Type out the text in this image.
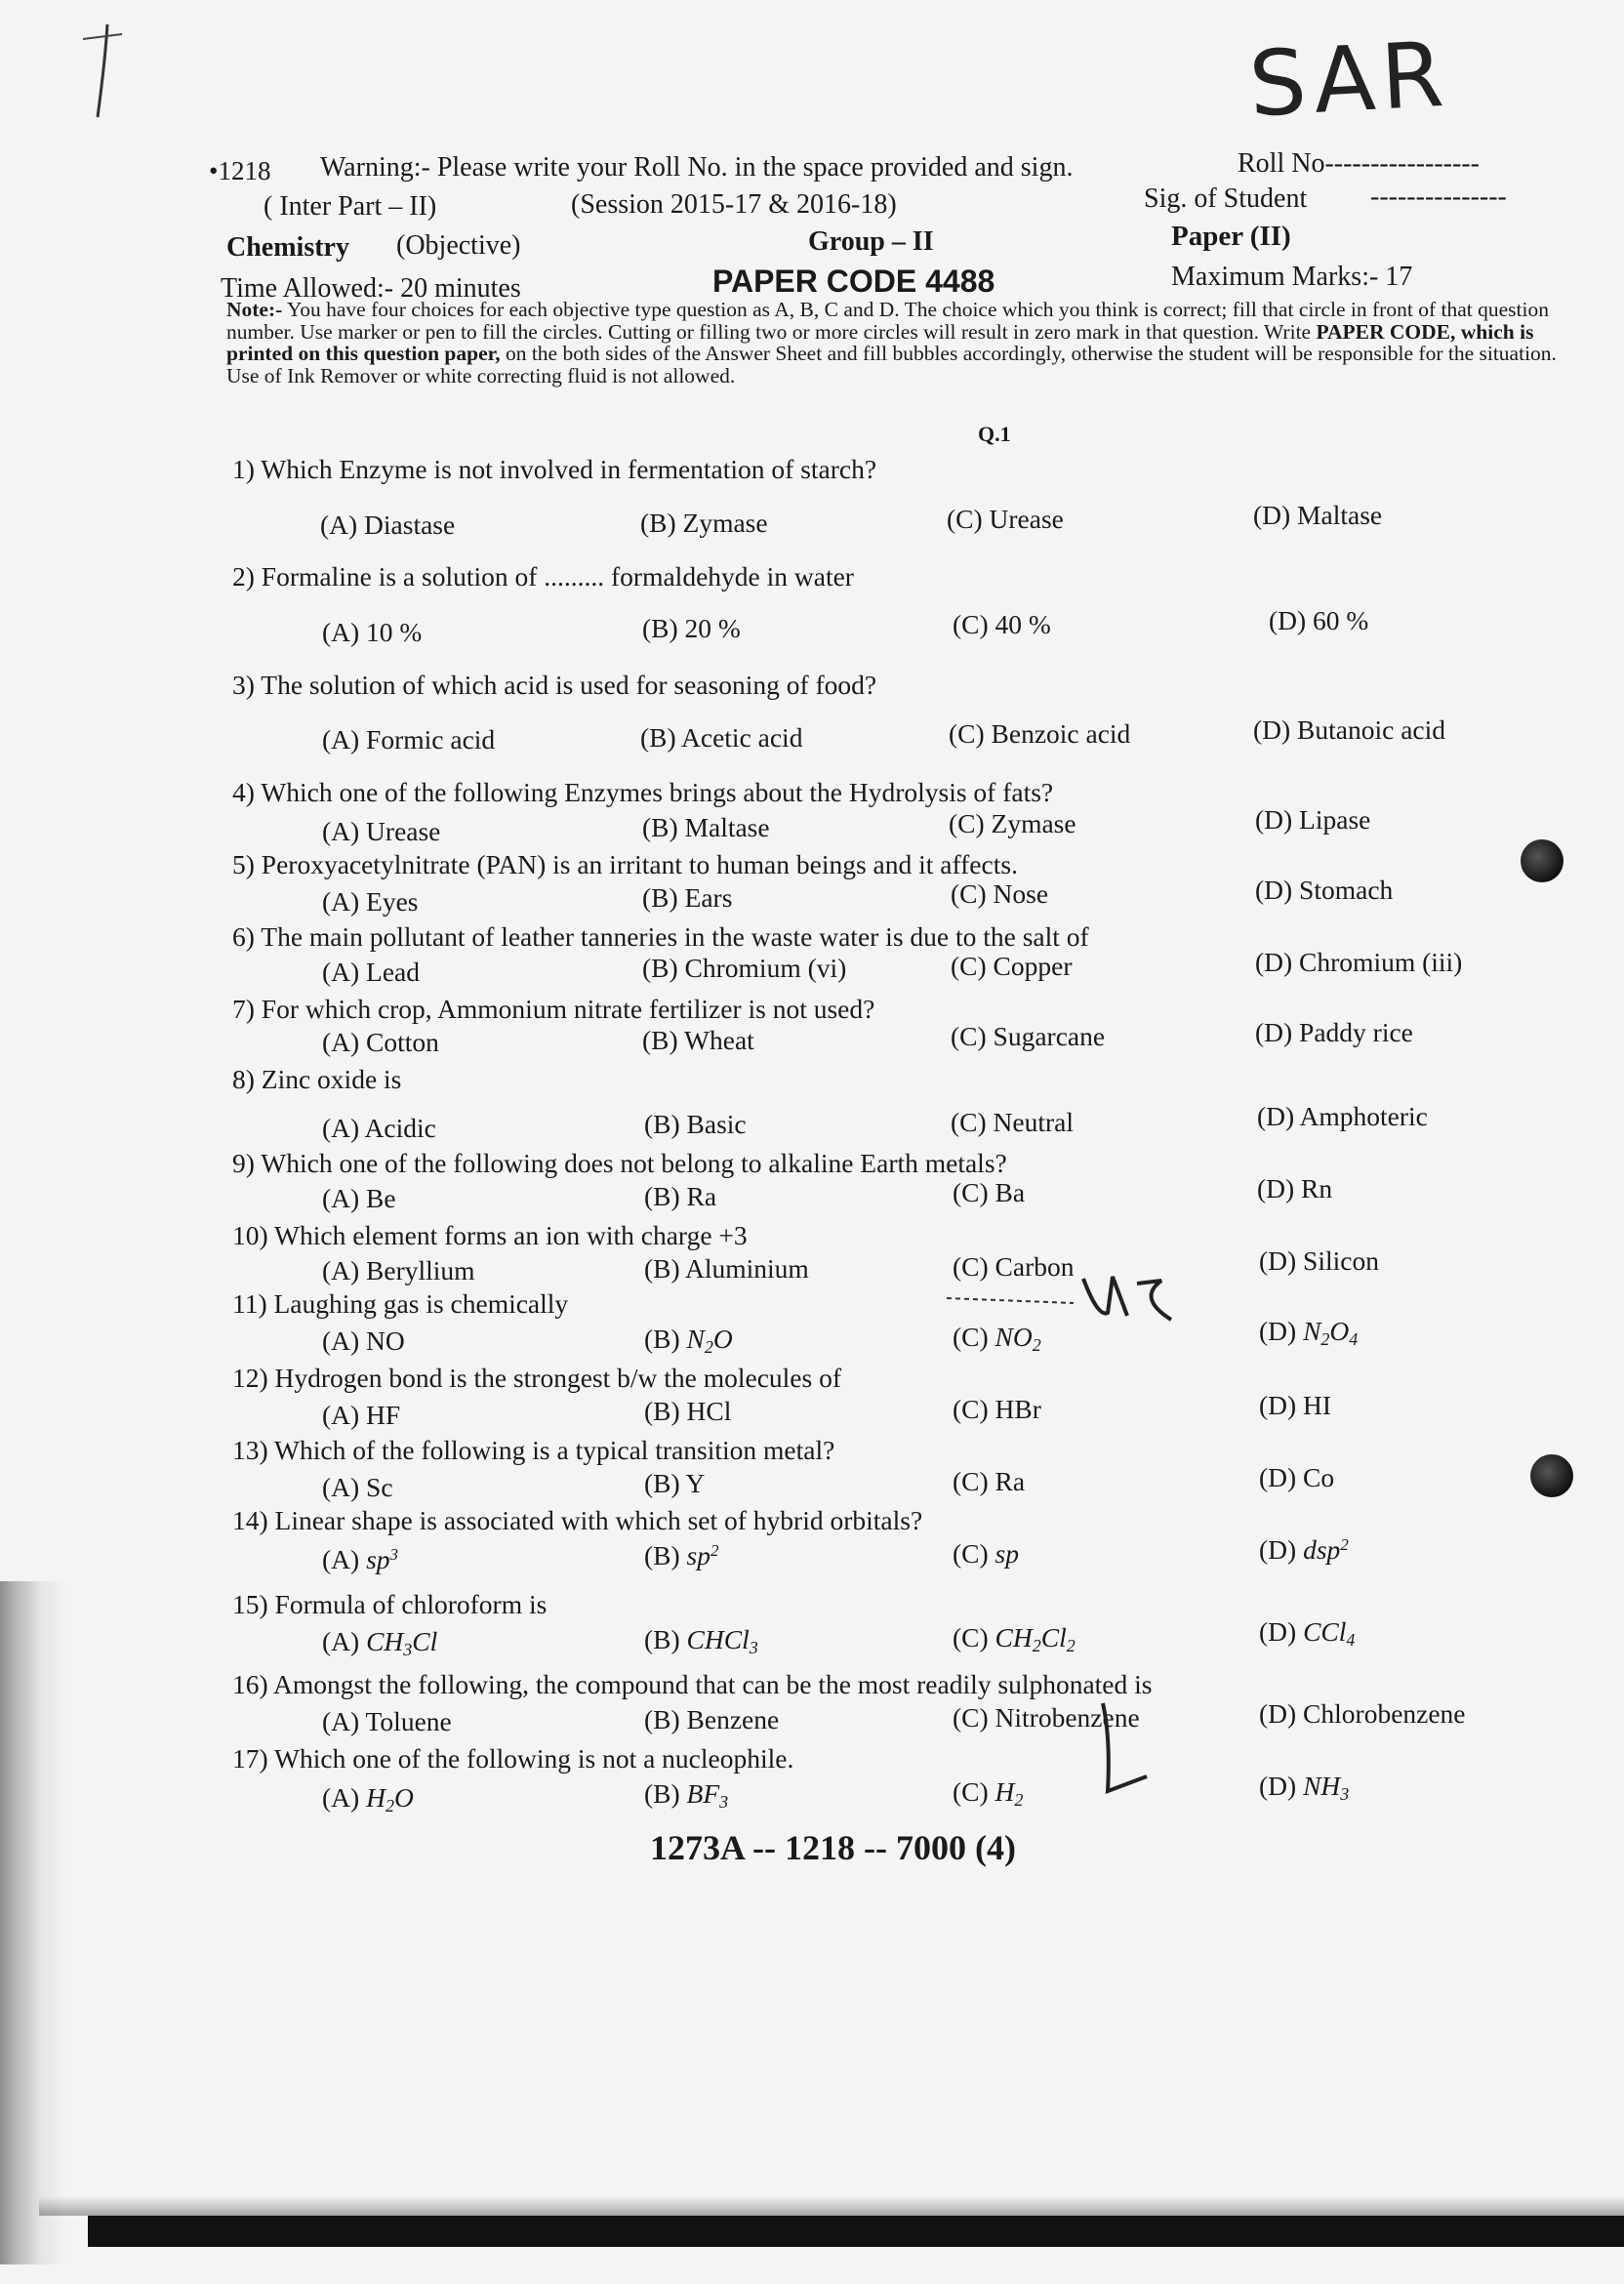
SAR
•1218 Warning:- Please write your Roll No. in the space provided and sign.	Roll No-----------------
( Inter Part – II)	(Session 2015-17 & 2016-18)	Sig. of Student ---------------
Chemistry (Objective)	Group – II	Paper (II)
Time Allowed:- 20 minutes	PAPER CODE 4488	Maximum Marks:- 17
Note:- You have four choices for each objective type question as A, B, C and D. The choice which you think is correct; fill that circle in front of that question number. Use marker or pen to fill the circles. Cutting or filling two or more circles will result in zero mark in that question. Write PAPER CODE, which is printed on this question paper, on the both sides of the Answer Sheet and fill bubbles accordingly, otherwise the student will be responsible for the situation. Use of Ink Remover or white correcting fluid is not allowed.
Q.1
1) Which Enzyme is not involved in fermentation of starch?
(A) Diastase	(B) Zymase	(C) Urease	(D) Maltase
2) Formaline is a solution of ......... formaldehyde in water
(A) 10 %	(B) 20 %	(C) 40 %	(D) 60 %
3) The solution of which acid is used for seasoning of food?
(A) Formic acid	(B) Acetic acid	(C) Benzoic acid	(D) Butanoic acid
4) Which one of the following Enzymes brings about the Hydrolysis of fats?
(A) Urease	(B) Maltase	(C) Zymase	(D) Lipase
5) Peroxyacetylnitrate (PAN) is an irritant to human beings and it affects.
(A) Eyes	(B) Ears	(C) Nose	(D) Stomach
6) The main pollutant of leather tanneries in the waste water is due to the salt of
(A) Lead	(B) Chromium (vi)	(C) Copper	(D) Chromium (iii)
7) For which crop, Ammonium nitrate fertilizer is not used?
(A) Cotton	(B) Wheat	(C) Sugarcane	(D) Paddy rice
8) Zinc oxide is
(A) Acidic	(B) Basic	(C) Neutral	(D) Amphoteric
9) Which one of the following does not belong to alkaline Earth metals?
(A) Be	(B) Ra	(C) Ba	(D) Rn
10) Which element forms an ion with charge +3
(A) Beryllium	(B) Aluminium	(C) Carbon	(D) Silicon
11) Laughing gas is chemically
(A) NO	(B) $N_2O$	(C) $NO_2$	(D) $N_2O_4$
12) Hydrogen bond is the strongest b/w the molecules of
(A) HF	(B) HCl	(C) HBr	(D) HI
13) Which of the following is a typical transition metal?
(A) Sc	(B) Y	(C) Ra	(D) Co
14) Linear shape is associated with which set of hybrid orbitals?
(A) $sp^3$	(B) $sp^2$	(C) sp	(D) dsp$^2$
15) Formula of chloroform is
(A) $CH_3Cl$	(B) CHCl$_3$	(C) $CH_2Cl_2$	(D) CCl$_4$
16) Amongst the following, the compound that can be the most readily sulphonated is
(A) Toluene	(B) Benzene	(C) Nitrobenzene	(D) Chlorobenzene
17) Which one of the following is not a nucleophile.
(A) $H_2O$	(B) $BF_3$	(C) $H_2$	(D) $NH_3$
1273A -- 1218 -- 7000 (4)
